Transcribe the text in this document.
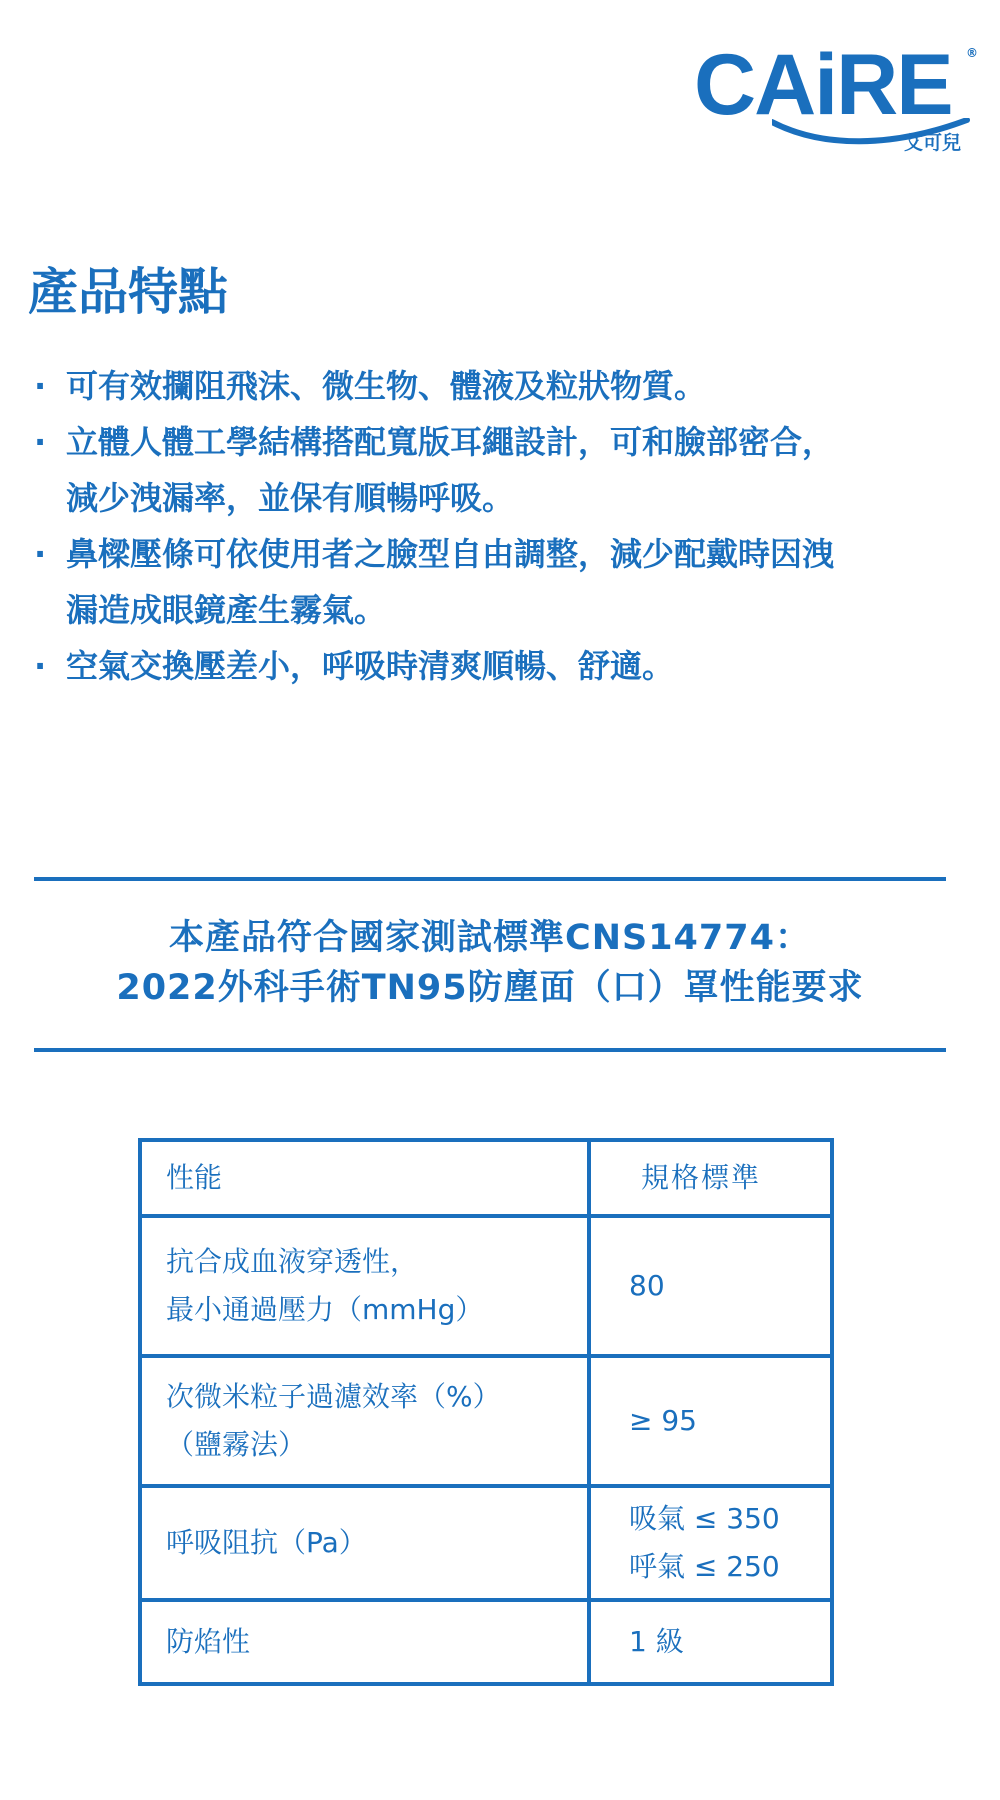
CAiRE ®
艾可兒
產品特點
· 可有效攔阻飛沫、微生物、體液及粒狀物質。
· 立體人體工學結構搭配寬版耳繩設計，可和臉部密合，
減少洩漏率，並保有順暢呼吸。
· 鼻樑壓條可依使用者之臉型自由調整，減少配戴時因洩
漏造成眼鏡產生霧氣。
· 空氣交換壓差小，呼吸時清爽順暢、舒適。
本產品符合國家測試標準CNS14774：
2022外科手術TN95防塵面（口）罩性能要求
性能	規格標準

抗合成血液穿透性，
最小通過壓力（mmHg）	80

次微米粒子過濾效率（%）
（鹽霧法）	≥ 95

呼吸阻抗（Pa）	吸氣 ≤ 350
呼氣 ≤ 250

防焰性	1 級
